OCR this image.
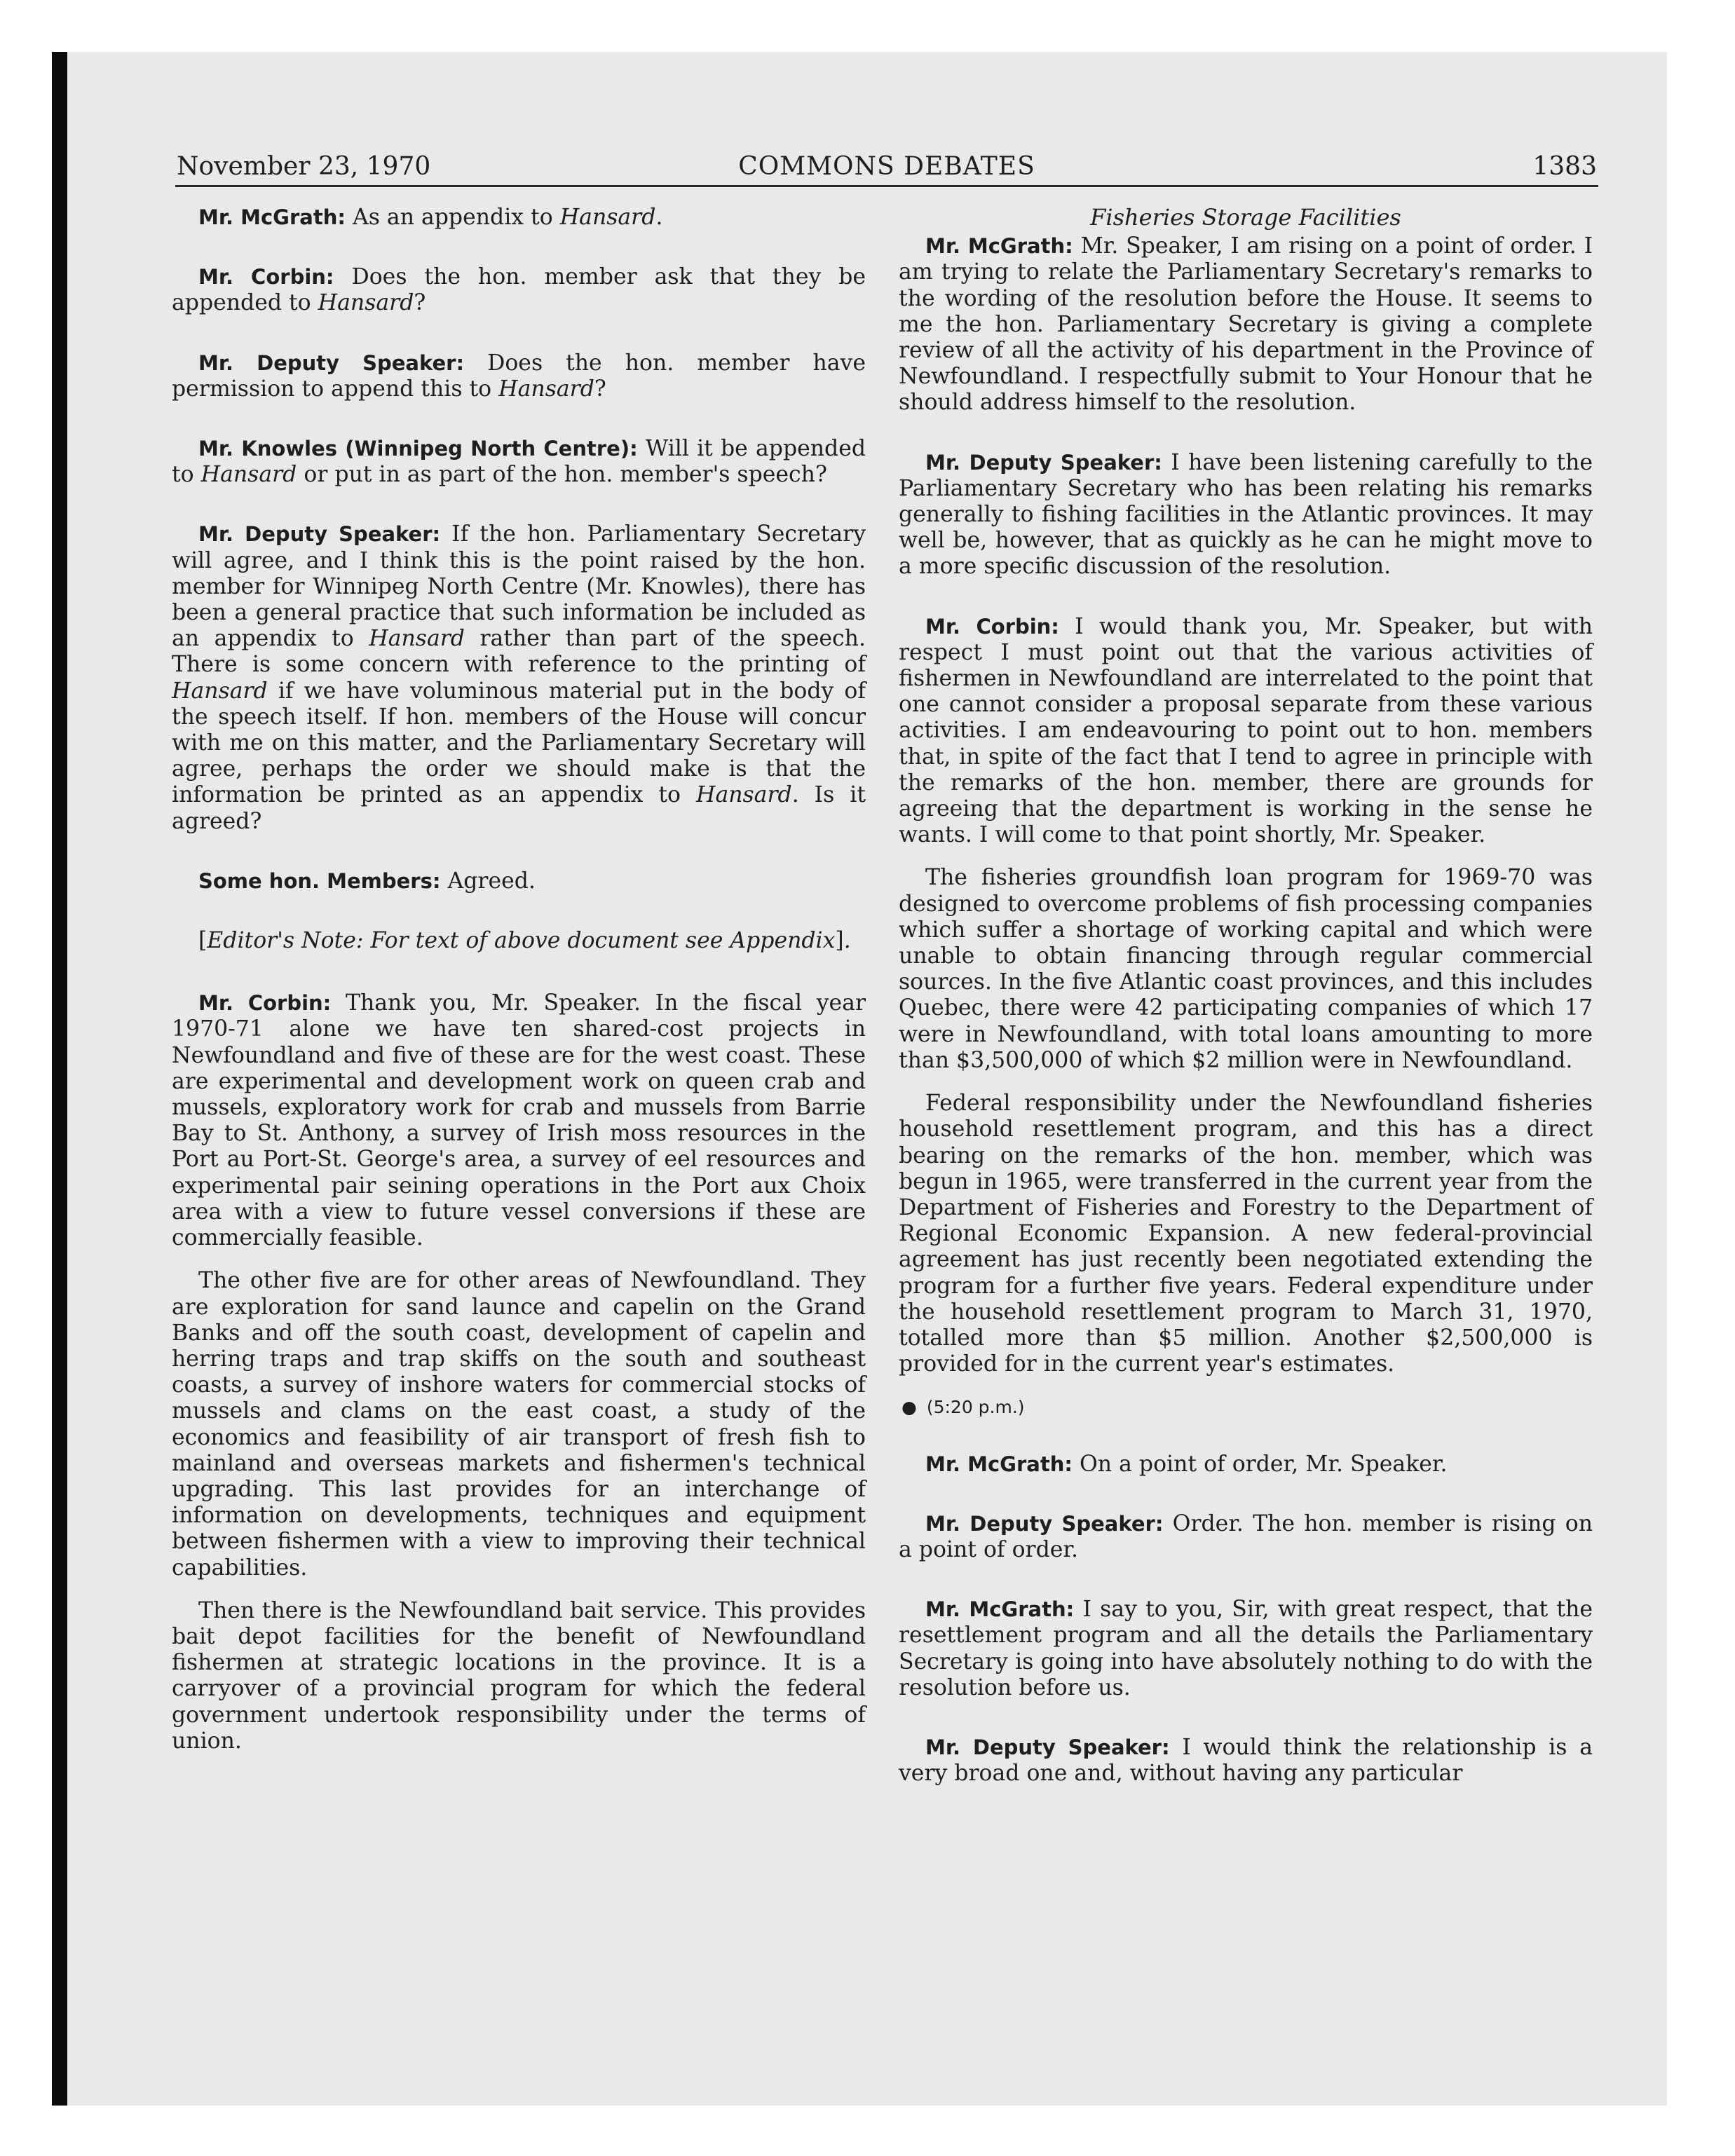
November 23, 1970	COMMONS DEBATES	1383

Mr. McGrath: As an appendix to Hansard.

Mr. Corbin: Does the hon. member ask that they be appended to Hansard?

Mr. Deputy Speaker: Does the hon. member have permission to append this to Hansard?

Mr. Knowles (Winnipeg North Centre): Will it be appended to Hansard or put in as part of the hon. member's speech?

Mr. Deputy Speaker: If the hon. Parliamentary Secretary will agree, and I think this is the point raised by the hon. member for Winnipeg North Centre (Mr. Knowles), there has been a general practice that such information be included as an appendix to Hansard rather than part of the speech. There is some concern with reference to the printing of Hansard if we have voluminous material put in the body of the speech itself. If hon. members of the House will concur with me on this matter, and the Parliamentary Secretary will agree, perhaps the order we should make is that the information be printed as an appendix to Hansard. Is it agreed?

Some hon. Members: Agreed.

[Editor's Note: For text of above document see Appendix].

Mr. Corbin: Thank you, Mr. Speaker. In the fiscal year 1970-71 alone we have ten shared-cost projects in Newfoundland and five of these are for the west coast. These are experimental and development work on queen crab and mussels, exploratory work for crab and mussels from Barrie Bay to St. Anthony, a survey of Irish moss resources in the Port au Port-St. George's area, a survey of eel resources and experimental pair seining operations in the Port aux Choix area with a view to future vessel conversions if these are commercially feasible.

The other five are for other areas of Newfoundland. They are exploration for sand launce and capelin on the Grand Banks and off the south coast, development of capelin and herring traps and trap skiffs on the south and southeast coasts, a survey of inshore waters for commercial stocks of mussels and clams on the east coast, a study of the economics and feasibility of air transport of fresh fish to mainland and overseas markets and fishermen's technical upgrading. This last provides for an interchange of information on developments, techniques and equipment between fishermen with a view to improving their technical capabilities.

Then there is the Newfoundland bait service. This provides bait depot facilities for the benefit of Newfoundland fishermen at strategic locations in the province. It is a carryover of a provincial program for which the federal government undertook responsibility under the terms of union.

Fisheries Storage Facilities

Mr. McGrath: Mr. Speaker, I am rising on a point of order. I am trying to relate the Parliamentary Secretary's remarks to the wording of the resolution before the House. It seems to me the hon. Parliamentary Secretary is giving a complete review of all the activity of his department in the Province of Newfoundland. I respectfully submit to Your Honour that he should address himself to the resolution.

Mr. Deputy Speaker: I have been listening carefully to the Parliamentary Secretary who has been relating his remarks generally to fishing facilities in the Atlantic provinces. It may well be, however, that as quickly as he can he might move to a more specific discussion of the resolution.

Mr. Corbin: I would thank you, Mr. Speaker, but with respect I must point out that the various activities of fishermen in Newfoundland are interrelated to the point that one cannot consider a proposal separate from these various activities. I am endeavouring to point out to hon. members that, in spite of the fact that I tend to agree in principle with the remarks of the hon. member, there are grounds for agreeing that the department is working in the sense he wants. I will come to that point shortly, Mr. Speaker.

The fisheries groundfish loan program for 1969-70 was designed to overcome problems of fish processing companies which suffer a shortage of working capital and which were unable to obtain financing through regular commercial sources. In the five Atlantic coast provinces, and this includes Quebec, there were 42 participating companies of which 17 were in Newfoundland, with total loans amounting to more than $3,500,000 of which $2 million were in Newfoundland.

Federal responsibility under the Newfoundland fisheries household resettlement program, and this has a direct bearing on the remarks of the hon. member, which was begun in 1965, were transferred in the current year from the Department of Fisheries and Forestry to the Department of Regional Economic Expansion. A new federal-provincial agreement has just recently been negotiated extending the program for a further five years. Federal expenditure under the household resettlement program to March 31, 1970, totalled more than $5 million. Another $2,500,000 is provided for in the current year's estimates.

● (5:20 p.m.)

Mr. McGrath: On a point of order, Mr. Speaker.

Mr. Deputy Speaker: Order. The hon. member is rising on a point of order.

Mr. McGrath: I say to you, Sir, with great respect, that the resettlement program and all the details the Parliamentary Secretary is going into have absolutely nothing to do with the resolution before us.

Mr. Deputy Speaker: I would think the relationship is a very broad one and, without having any particular
